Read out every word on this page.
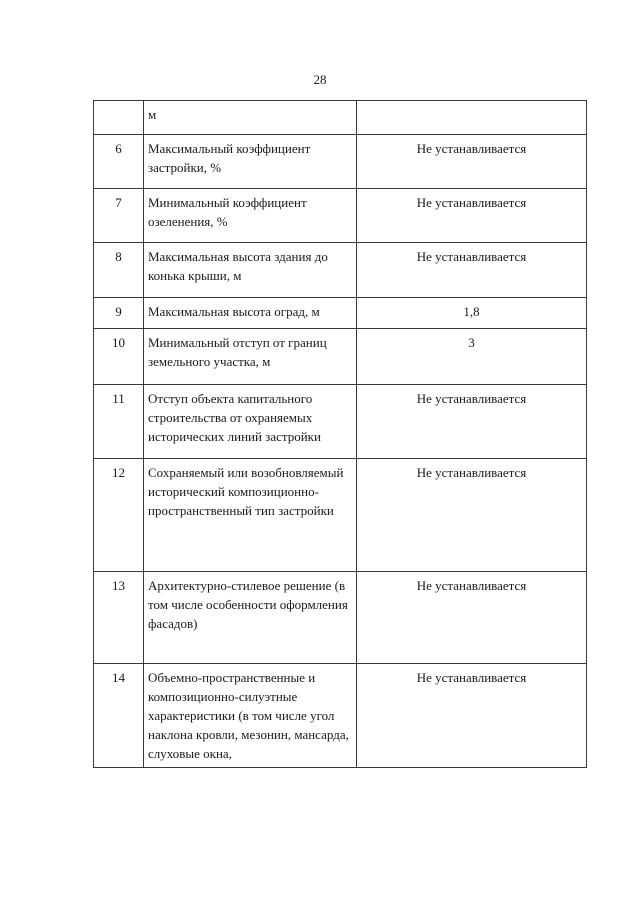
28
	м	
6	Максимальный коэффициент застройки, %	Не устанавливается
7	Минимальный коэффициент озеленения, %	Не устанавливается
8	Максимальная высота здания до конька крыши, м	Не устанавливается
9	Максимальная высота оград, м	1,8
10	Минимальный отступ от границ земельного участка, м	3
11	Отступ объекта капитального строительства от охраняемых исторических линий застройки	Не устанавливается
12	Сохраняемый или возобновляемый исторический композиционно-пространственный тип застройки	Не устанавливается
13	Архитектурно-стилевое решение (в том числе особенности оформления фасадов)	Не устанавливается
14	Объемно-пространственные и композиционно-силуэтные характеристики (в том числе угол наклона кровли, мезонин, мансарда, слуховые окна,	Не устанавливается
